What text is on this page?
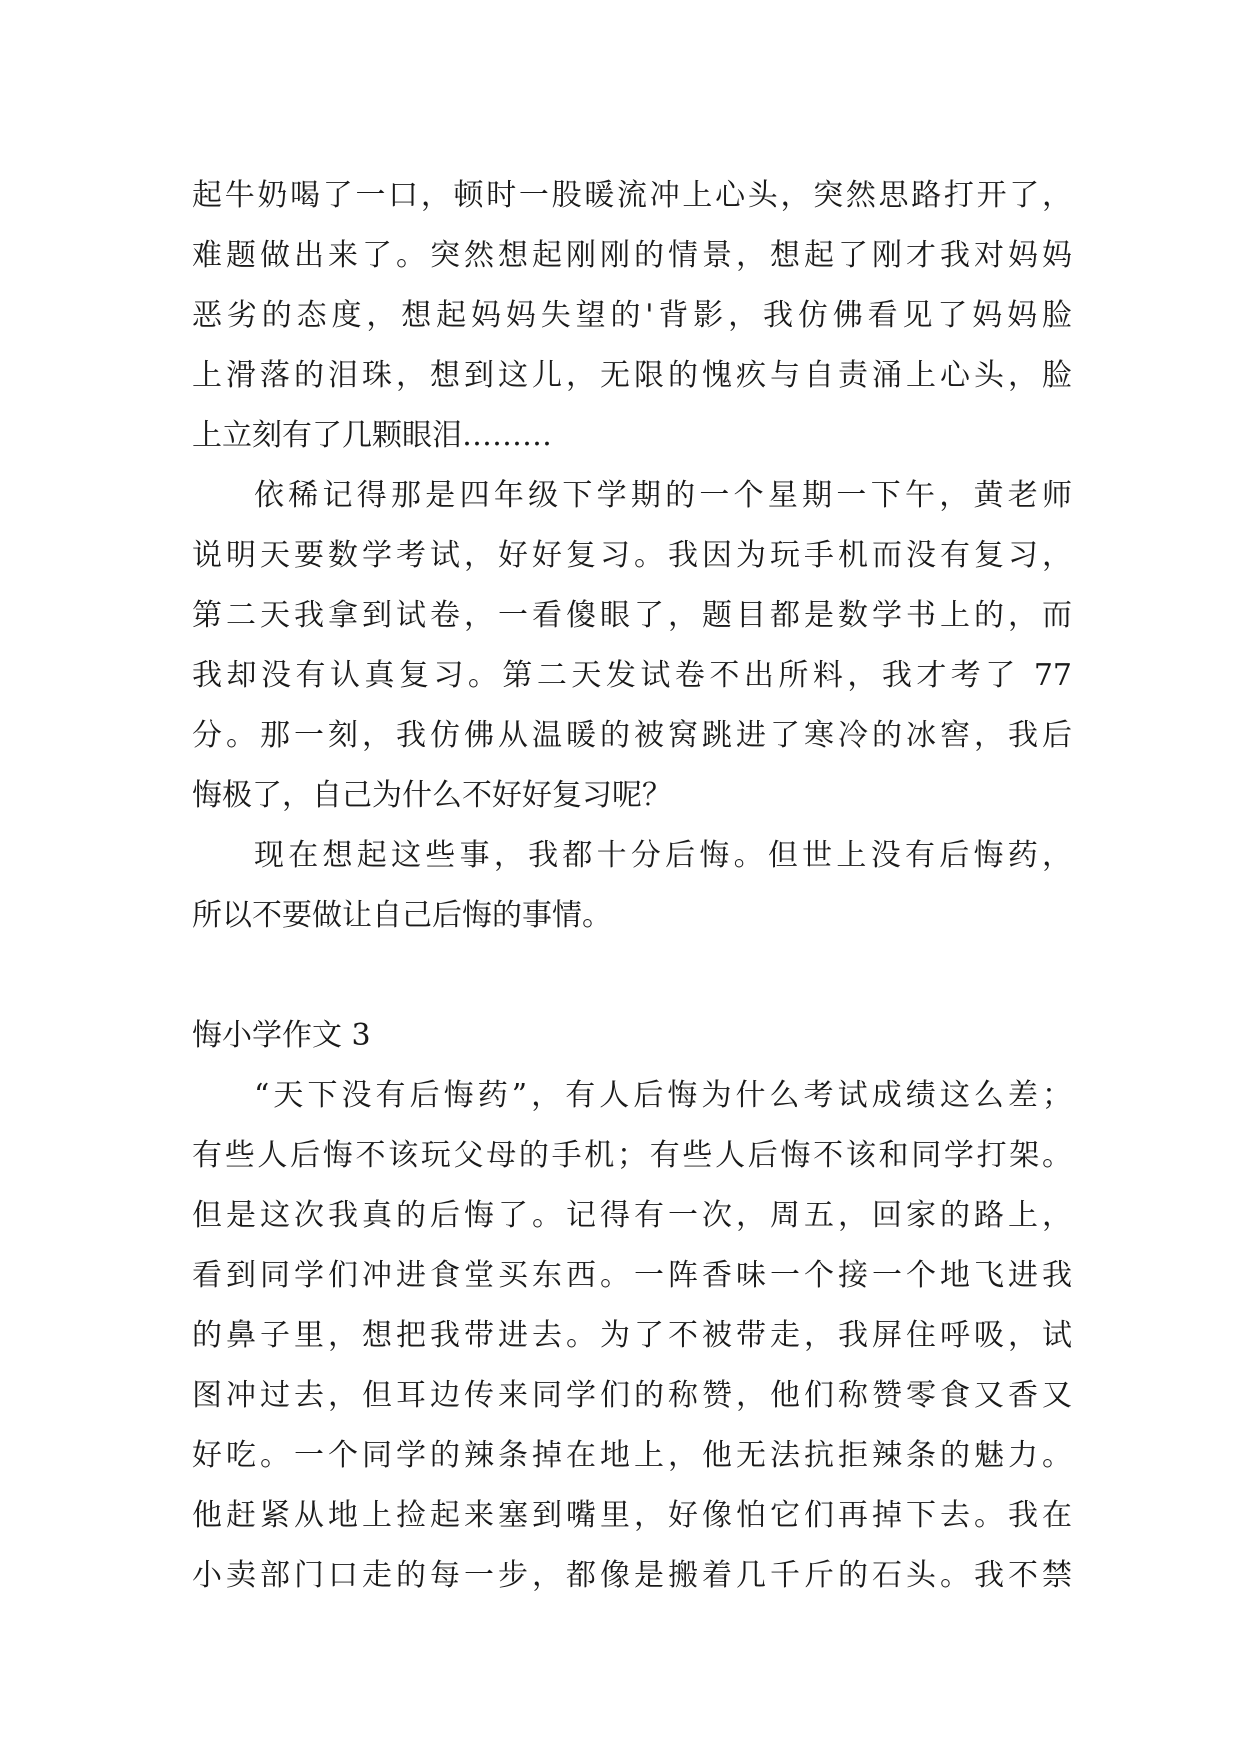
起牛奶喝了一口，顿时一股暖流冲上心头，突然思路打开了，
难题做出来了。突然想起刚刚的情景，想起了刚才我对妈妈
恶劣的态度，想起妈妈失望的'背影，我仿佛看见了妈妈脸
上滑落的泪珠，想到这儿，无限的愧疚与自责涌上心头，脸
上立刻有了几颗眼泪………
依稀记得那是四年级下学期的一个星期一下午，黄老师
说明天要数学考试，好好复习。我因为玩手机而没有复习，
第二天我拿到试卷，一看傻眼了，题目都是数学书上的，而
我却没有认真复习。第二天发试卷不出所料，我才考了 77
分。那一刻，我仿佛从温暖的被窝跳进了寒冷的冰窖，我后
悔极了，自己为什么不好好复习呢？
现在想起这些事，我都十分后悔。但世上没有后悔药，
所以不要做让自己后悔的事情。
悔小学作文 3
“天下没有后悔药”，有人后悔为什么考试成绩这么差；
有些人后悔不该玩父母的手机；有些人后悔不该和同学打架。
但是这次我真的后悔了。记得有一次，周五，回家的路上，
看到同学们冲进食堂买东西。一阵香味一个接一个地飞进我
的鼻子里，想把我带进去。为了不被带走，我屏住呼吸，试
图冲过去，但耳边传来同学们的称赞，他们称赞零食又香又
好吃。一个同学的辣条掉在地上，他无法抗拒辣条的魅力。
他赶紧从地上捡起来塞到嘴里，好像怕它们再掉下去。我在
小卖部门口走的每一步，都像是搬着几千斤的石头。我不禁
